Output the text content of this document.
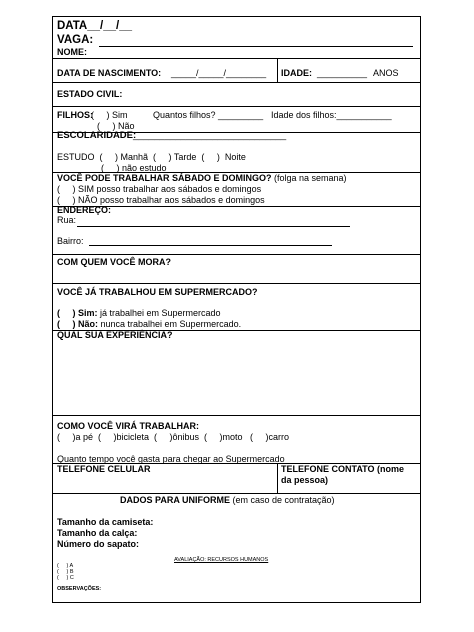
DATA__/__/__
VAGA:
NOME:
DATA DE NASCIMENTO: _____/_____/________ IDADE: __________ ANOS
ESTADO CIVIL:
FILHOS:
(     ) Sim	Quantos filhos? _________ Idade dos filhos:___________
(     ) Não
ESCOLARIDADE:
_____________________________
ESTUDO  (     ) Manhã  (     ) Tarde  (     )  Noite
(     ) não estudo
VOCÊ PODE TRABALHAR SÁBADO E DOMINGO? (folga na semana)
(     ) SIM posso trabalhar aos sábados e domingos
(     ) NÃO posso trabalhar aos sábados e domingos
ENDEREÇO:
Rua:
Bairro:
COM QUEM VOCÊ MORA?
VOCÊ JÁ TRABALHOU EM SUPERMERCADO?
(     ) Sim: já trabalhei em Supermercado
(     ) Não: nunca trabalhei em Supermercado.
QUAL SUA EXPERIÊNCIA?
COMO VOCÊ VIRÁ TRABALHAR:
(     )a pé  (     )bicicleta  (     )ônibus  (     )moto   (     )carro
Quanto tempo você gasta para chegar ao Supermercado
TELEFONE CELULAR	TELEFONE CONTATO (nome
da pessoa)
DADOS PARA UNIFORME (em caso de contratação)
Tamanho da camiseta:
Tamanho da calça:
Número do sapato:
AVALIAÇÃO: RECURSOS HUMANOS
(     ) A
(     ) B
(     ) C
OBSERVAÇÕES:
